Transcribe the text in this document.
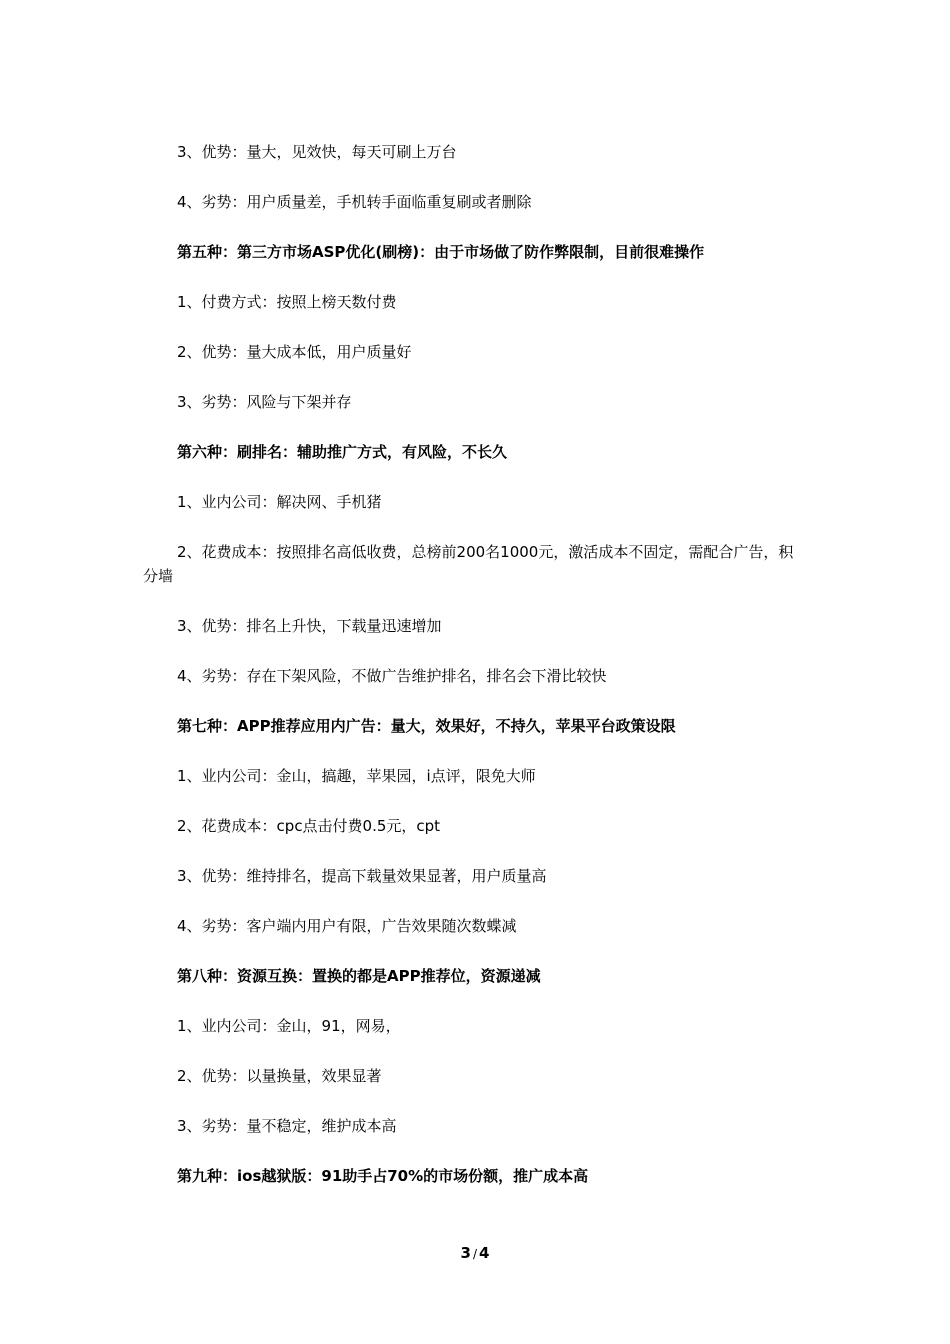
3、优势：量大，见效快，每天可刷上万台

4、劣势：用户质量差，手机转手面临重复刷或者删除

第五种：第三方市场ASP优化(刷榜)：由于市场做了防作弊限制，目前很难操作

1、付费方式：按照上榜天数付费

2、优势：量大成本低，用户质量好

3、劣势：风险与下架并存

第六种：刷排名：辅助推广方式，有风险，不长久

1、业内公司：解决网、手机猪

2、花费成本：按照排名高低收费，总榜前200名1000元，激活成本不固定，需配合广告，积分墙

3、优势：排名上升快，下载量迅速增加

4、劣势：存在下架风险，不做广告维护排名，排名会下滑比较快

第七种：APP推荐应用内广告：量大，效果好，不持久，苹果平台政策设限

1、业内公司：金山，搞趣，苹果园，i点评，限免大师

2、花费成本：cpc点击付费0.5元，cpt

3、优势：维持排名，提高下载量效果显著，用户质量高

4、劣势：客户端内用户有限，广告效果随次数蝶减

第八种：资源互换：置换的都是APP推荐位，资源递减

1、业内公司：金山，91，网易，

2、优势：以量换量，效果显著

3、劣势：量不稳定，维护成本高

第九种：ios越狱版：91助手占70%的市场份额，推广成本高

3 / 4
